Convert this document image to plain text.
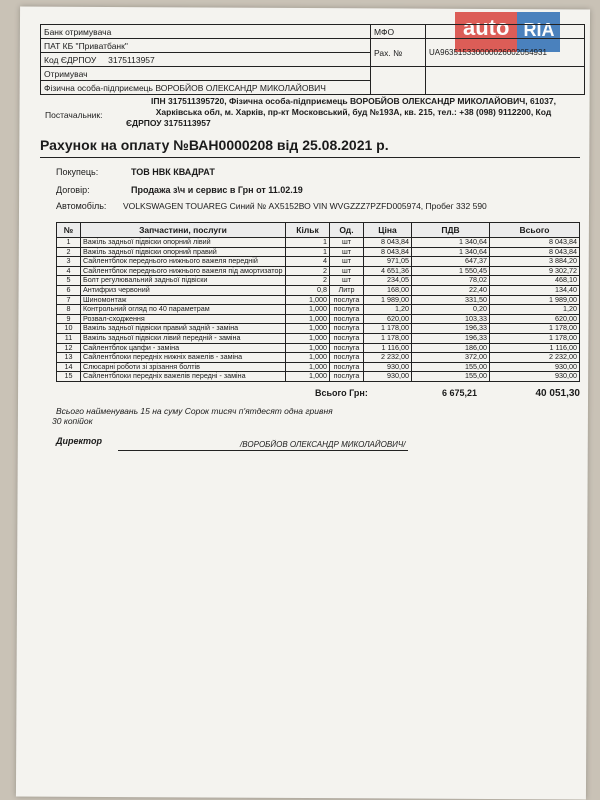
auto RIA
Банк отримувача	МФО	
ПАТ КБ "Приватбанк"	Рах. №	UA963515330000026002054931
Код ЄДРПОУ 3175113957		
Отримувач		
Фізична особа-підприємець ВОРОБЙОВ ОЛЕКСАНДР МИКОЛАЙОВИЧ		
Постачальник:
ІПН 317511395720, Фізична особа-підприємець ВОРОБЙОВ ОЛЕКСАНДР МИКОЛАЙОВИЧ, 61037,
Харківська обл, м. Харків, пр-кт Московський, буд №193А, кв. 215, тел.: +38 (098) 9112200, Код
ЄДРПОУ 3175113957
Рахунок на оплату №ВАН0000208 від 25.08.2021 р.
Покупець:	ТОВ НВК КВАДРАТ
Договір:	Продажа з\ч и сервис в Грн от 11.02.19
Автомобіль: VOLKSWAGEN TOUAREG Синий № АХ5152ВО VIN WVGZZZ7PZFD005974, Пробег 332 590
№	Запчастини, послуги	Кільк	Од.	Ціна	ПДВ	Всього
1	Важіль задньої підвіски опорний лівий	1	шт	8 043,84	1 340,64	8 043,84
2	Важіль задньої підвіски опорний правий	1	шт	8 043,84	1 340,64	8 043,84
3	Сайлентблок переднього нижнього важеля передній	4	шт	971,05	647,37	3 884,20
4	Сайлентблок переднього нижнього важеля під амортизатор	2	шт	4 651,36	1 550,45	9 302,72
5	Болт регулювальний задньої підвіски	2	шт	234,05	78,02	468,10
6	Антифриз червоний	0,8	Литр	168,00	22,40	134,40
7	Шиномонтаж	1,000	послуга	1 989,00	331,50	1 989,00
8	Контрольний огляд по 40 параметрам	1,000	послуга	1,20	0,20	1,20
9	Розвал-сходження	1,000	послуга	620,00	103,33	620,00
10	Важіль задньої підвіски правий задній - заміна	1,000	послуга	1 178,00	196,33	1 178,00
11	Важіль задньої підвіски лівий передній - заміна	1,000	послуга	1 178,00	196,33	1 178,00
12	Сайлентблок цапфи - заміна	1,000	послуга	1 116,00	186,00	1 116,00
13	Сайлентблоки передніх нижніх важелів - заміна	1,000	послуга	2 232,00	372,00	2 232,00
14	Слюсарні роботи зі зрізання болтів	1,000	послуга	930,00	155,00	930,00
15	Сайлентблоки передніх важелів передні - заміна	1,000	послуга	930,00	155,00	930,00
Всього Грн:	6 675,21	40 051,30
Всього найменувань 15 на суму Сорок тисяч п'ятдесят одна гривня
30 копійок
Директор	/ВОРОБЙОВ ОЛЕКСАНДР МИКОЛАЙОВИЧ/
